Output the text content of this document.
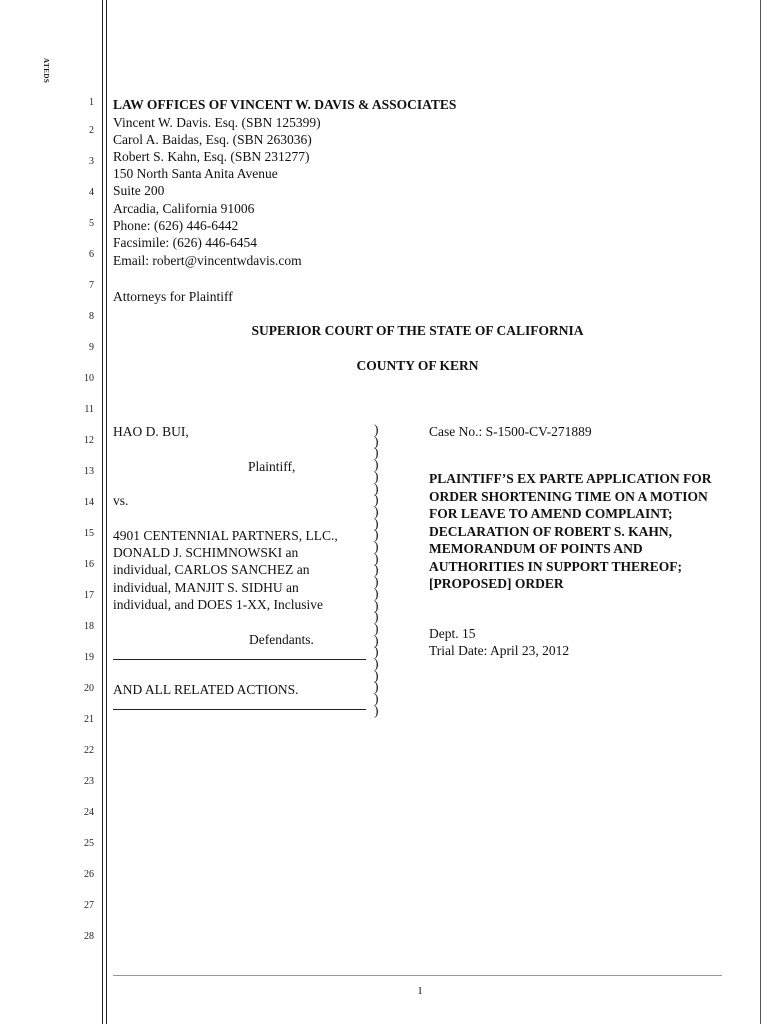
ATEDS
1
2
3
4
5
6
7
8
9
10
11
12
13
14
15
16
17
18
19
20
21
22
23
24
25
26
27
28
LAW OFFICES OF VINCENT W. DAVIS & ASSOCIATES
Vincent W. Davis. Esq. (SBN 125399)
Carol A. Baidas, Esq. (SBN 263036)
Robert S. Kahn, Esq. (SBN 231277)
150 North Santa Anita Avenue
Suite 200
Arcadia, California 91006
Phone: (626) 446-6442
Facsimile: (626) 446-6454
Email: robert@vincentwdavis.com
Attorneys for Plaintiff
SUPERIOR COURT OF THE STATE OF CALIFORNIA
COUNTY OF KERN
HAO D. BUI,
Plaintiff,
vs.
4901 CENTENNIAL PARTNERS, LLC.,
DONALD J. SCHIMNOWSKI an
individual, CARLOS SANCHEZ an
individual, MANJIT S. SIDHU an
individual, and DOES 1-XX, Inclusive
Defendants.
AND ALL RELATED ACTIONS.
)
)
)
)
)
)
)
)
)
)
)
)
)
)
)
)
)
)
)
)
)
)
)
)
)
Case No.: S-1500-CV-271889
PLAINTIFF’S EX PARTE APPLICATION FOR ORDER SHORTENING TIME ON A MOTION FOR LEAVE TO AMEND COMPLAINT; DECLARATION OF ROBERT S. KAHN, MEMORANDUM OF POINTS AND AUTHORITIES IN SUPPORT THEREOF; [PROPOSED] ORDER
Dept. 15
Trial Date: April 23, 2012
1
